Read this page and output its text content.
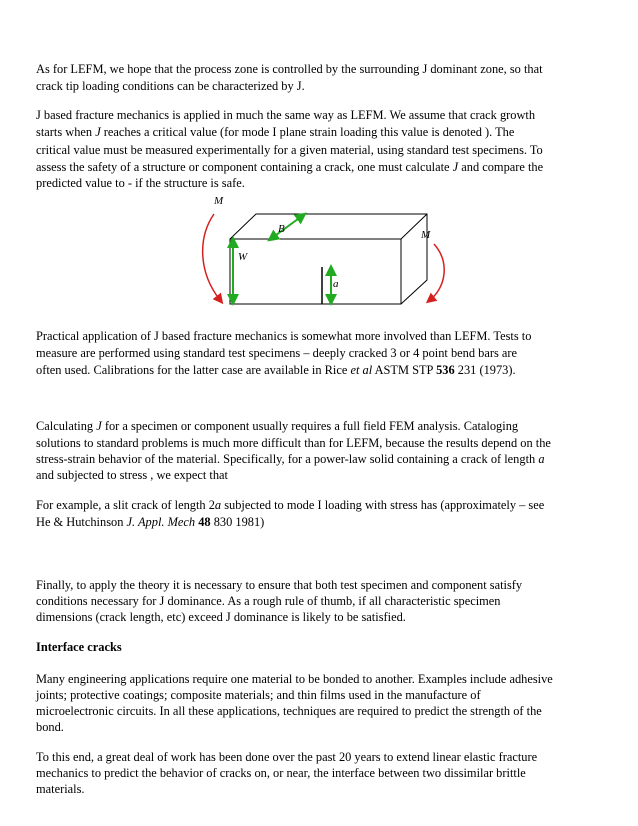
As for LEFM, we hope that the process zone is controlled by the surrounding J dominant zone, so that
crack tip loading conditions can be characterized by J.
J based fracture mechanics is applied in much the same way as LEFM. We assume that crack growth
starts when J reaches a critical value (for mode I plane strain loading this value is denoted ). The
critical value must be measured experimentally for a given material, using standard test specimens. To
assess the safety of a structure or component containing a crack, one must calculate J and compare the
predicted value to - if the structure is safe.
M
M
B
W
a
Practical application of J based fracture mechanics is somewhat more involved than LEFM. Tests to
measure are performed using standard test specimens – deeply cracked 3 or 4 point bend bars are
often used. Calibrations for the latter case are available in Rice et al ASTM STP 536 231 (1973).
Calculating J for a specimen or component usually requires a full field FEM analysis. Cataloging
solutions to standard problems is much more difficult than for LEFM, because the results depend on the
stress-strain behavior of the material. Specifically, for a power-law solid containing a crack of length a
and subjected to stress , we expect that
For example, a slit crack of length 2a subjected to mode I loading with stress has (approximately – see
He & Hutchinson J. Appl. Mech 48 830 1981)
Finally, to apply the theory it is necessary to ensure that both test specimen and component satisfy
conditions necessary for J dominance. As a rough rule of thumb, if all characteristic specimen
dimensions (crack length, etc) exceed J dominance is likely to be satisfied.
Interface cracks
Many engineering applications require one material to be bonded to another. Examples include adhesive
joints; protective coatings; composite materials; and thin films used in the manufacture of
microelectronic circuits. In all these applications, techniques are required to predict the strength of the
bond.
To this end, a great deal of work has been done over the past 20 years to extend linear elastic fracture
mechanics to predict the behavior of cracks on, or near, the interface between two dissimilar brittle
materials.
